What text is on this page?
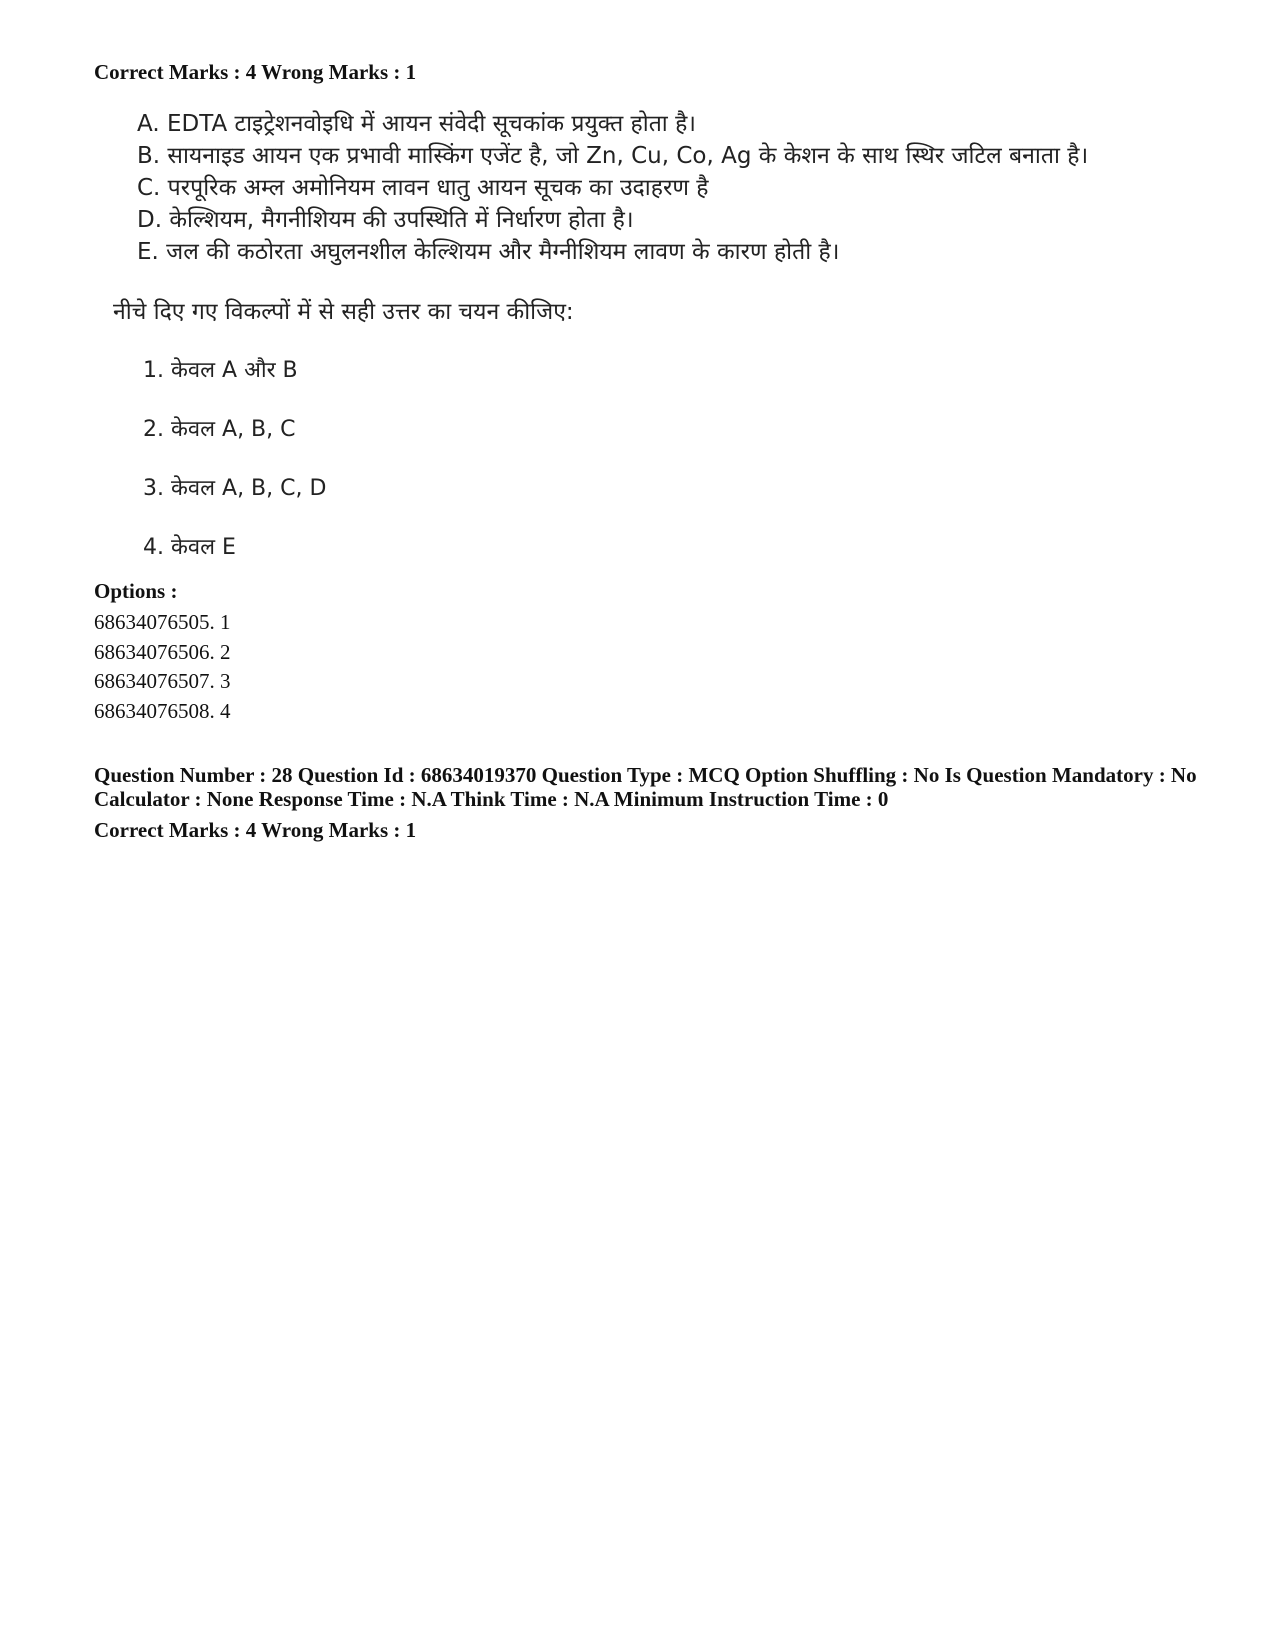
Correct Marks : 4 Wrong Marks : 1
A. EDTA टाइट्रेशनवोइधि में आयन संवेदी सूचकांक प्रयुक्त होता है।
B. सायनाइड आयन एक प्रभावी मास्किंग एजेंट है, जो Zn, Cu, Co, Ag के केशन के साथ स्थिर जटिल बनाता है।
C. परपूरिक अम्ल अमोनियम लावन धातु आयन सूचक का उदाहरण है
D. केल्शियम, मैगनीशियम की उपस्थिति में निर्धारण होता है।
E. जल की कठोरता अघुलनशील केल्शियम और मैग्नीशियम लावण के कारण होती है।
नीचे दिए गए विकल्पों में से सही उत्तर का चयन कीजिए:
1. केवल A और B
2. केवल A, B, C
3. केवल A, B, C, D
4. केवल E
Options :
68634076505. 1
68634076506. 2
68634076507. 3
68634076508. 4
Question Number : 28 Question Id : 68634019370 Question Type : MCQ Option Shuffling : No Is Question Mandatory : No Calculator : None Response Time : N.A Think Time : N.A Minimum Instruction Time : 0
Correct Marks : 4 Wrong Marks : 1
